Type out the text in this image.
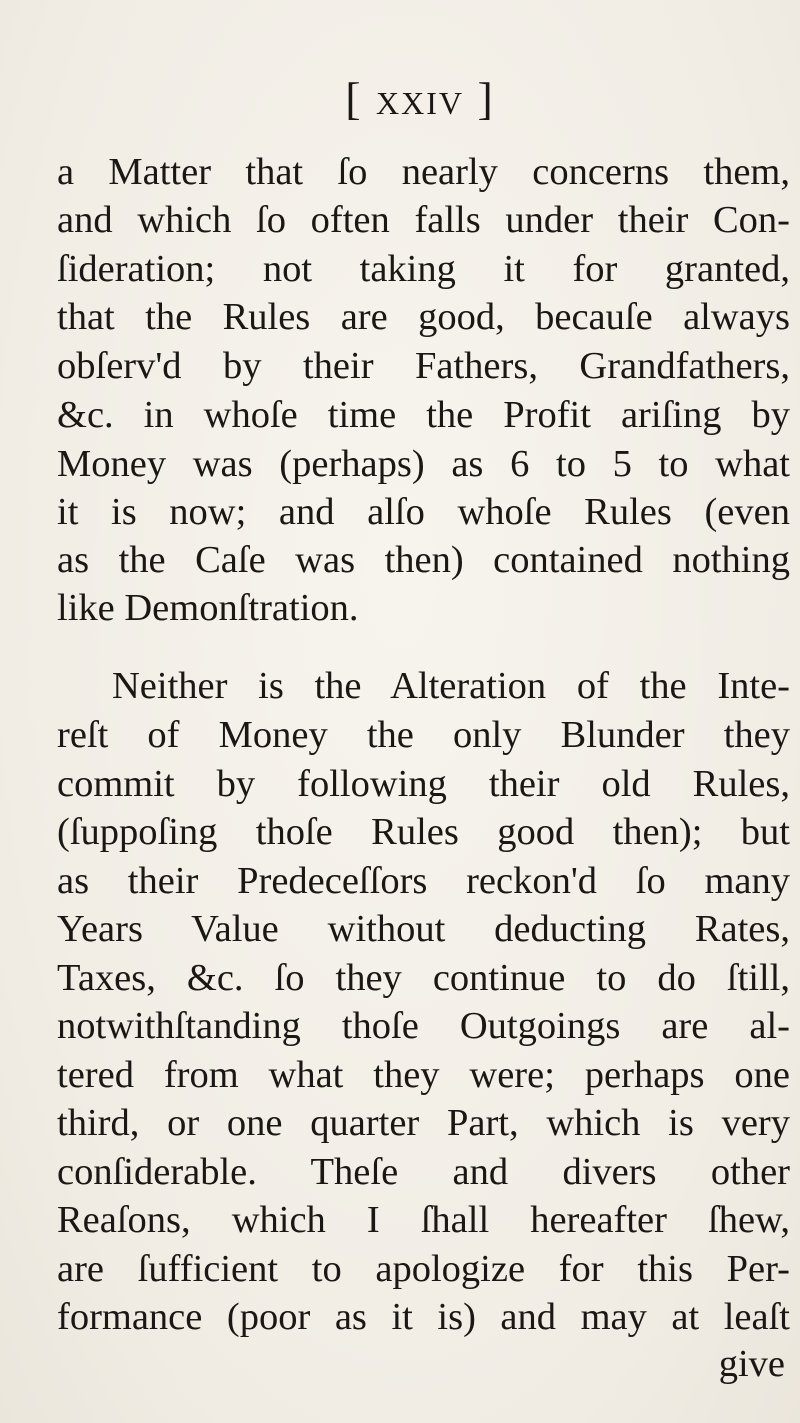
[ xxiv ]
a Matter that ſo nearly concerns them,
and which ſo often falls under their Con-
ſideration; not taking it for granted,
that the Rules are good, becauſe always
obſerv'd by their Fathers, Grandfathers,
&c. in whoſe time the Profit ariſing by
Money was (perhaps) as 6 to 5 to what
it is now; and alſo whoſe Rules (even
as the Caſe was then) contained nothing
like Demonſtration.
Neither is the Alteration of the Inte-
reſt of Money the only Blunder they
commit by following their old Rules,
(ſuppoſing thoſe Rules good then); but
as their Predeceſſors reckon'd ſo many
Years Value without deducting Rates,
Taxes, &c. ſo they continue to do ſtill,
notwithſtanding thoſe Outgoings are al-
tered from what they were; perhaps one
third, or one quarter Part, which is very
conſiderable. Theſe and divers other
Reaſons, which I ſhall hereafter ſhew,
are ſufficient to apologize for this Per-
formance (poor as it is) and may at leaſt
give
